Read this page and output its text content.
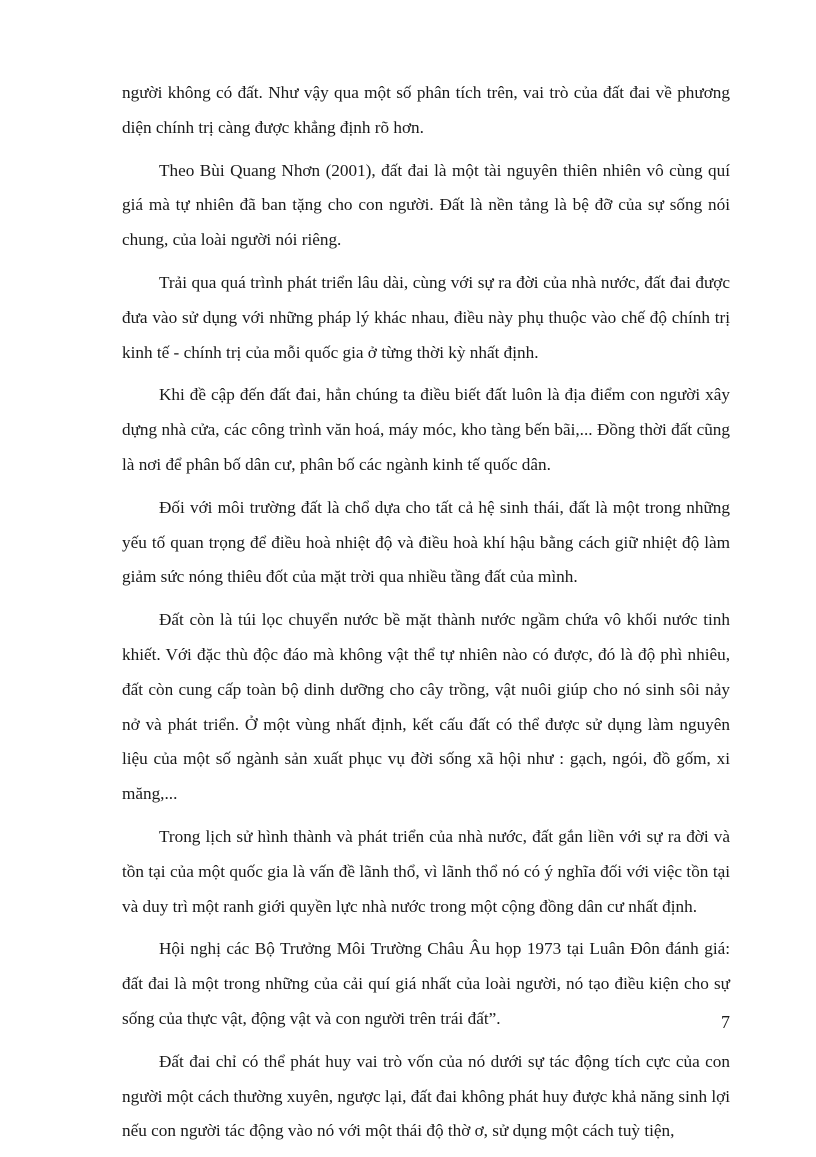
người không có đất. Như vậy qua một số phân tích trên, vai trò của đất đai về phương diện chính trị càng được khẳng định rõ hơn.

Theo Bùi Quang Nhơn (2001), đất đai là một tài nguyên thiên nhiên vô cùng quí giá mà tự nhiên đã ban tặng cho con người. Đất là nền tảng là bệ đỡ của sự sống nói chung, của loài người nói riêng.

Trải qua quá trình phát triển lâu dài, cùng với sự ra đời của nhà nước, đất đai được đưa vào sử dụng với những pháp lý khác nhau, điều này phụ thuộc vào chế độ chính trị kinh tế - chính trị của mỗi quốc gia ở từng thời kỳ nhất định.

Khi đề cập đến đất đai, hẳn chúng ta điều biết đất luôn là địa điểm con người xây dựng nhà cửa, các công trình văn hoá, máy móc, kho tàng bến bãi,... Đồng thời đất cũng là nơi để phân bố dân cư, phân bố các ngành kinh tế quốc dân.

Đối với môi trường đất là chổ dựa cho tất cả hệ sinh thái, đất là một trong những yếu tố quan trọng để điều hoà nhiệt độ và điều hoà khí hậu bằng cách giữ nhiệt độ làm giảm sức nóng thiêu đốt của mặt trời qua nhiều tầng đất của mình.

Đất còn là túi lọc chuyển nước bề mặt thành nước ngầm chứa vô khối nước tinh khiết. Với đặc thù độc đáo mà không vật thể tự nhiên nào có được, đó là độ phì nhiêu, đất còn cung cấp toàn bộ dinh dưỡng cho cây trồng, vật nuôi giúp cho nó sinh sôi nảy nở và phát triển. Ở một vùng nhất định, kết cấu đất có thể được sử dụng làm nguyên liệu của một số ngành sản xuất phục vụ đời sống xã hội như : gạch, ngói, đồ gốm, xi măng,...

Trong lịch sử hình thành và phát triển của nhà nước, đất gắn liền với sự ra đời và tồn tại của một quốc gia là vấn đề lãnh thổ, vì lãnh thổ nó có ý nghĩa đối với việc tồn tại và duy trì một ranh giới quyền lực nhà nước trong một cộng đồng dân cư nhất định.

Hội nghị các Bộ Trưởng Môi Trường Châu Âu họp 1973 tại Luân Đôn đánh giá: đất đai là một trong những của cải quí giá nhất của loài người, nó tạo điều kiện cho sự sống của thực vật, động vật và con người trên trái đất”.

Đất đai chỉ có thể phát huy vai trò vốn của nó dưới sự tác động tích cực của con người một cách thường xuyên, ngược lại, đất đai không phát huy được khả năng sinh lợi nếu con người tác động vào nó với một thái độ thờ ơ, sử dụng một cách tuỳ tiện,

7
